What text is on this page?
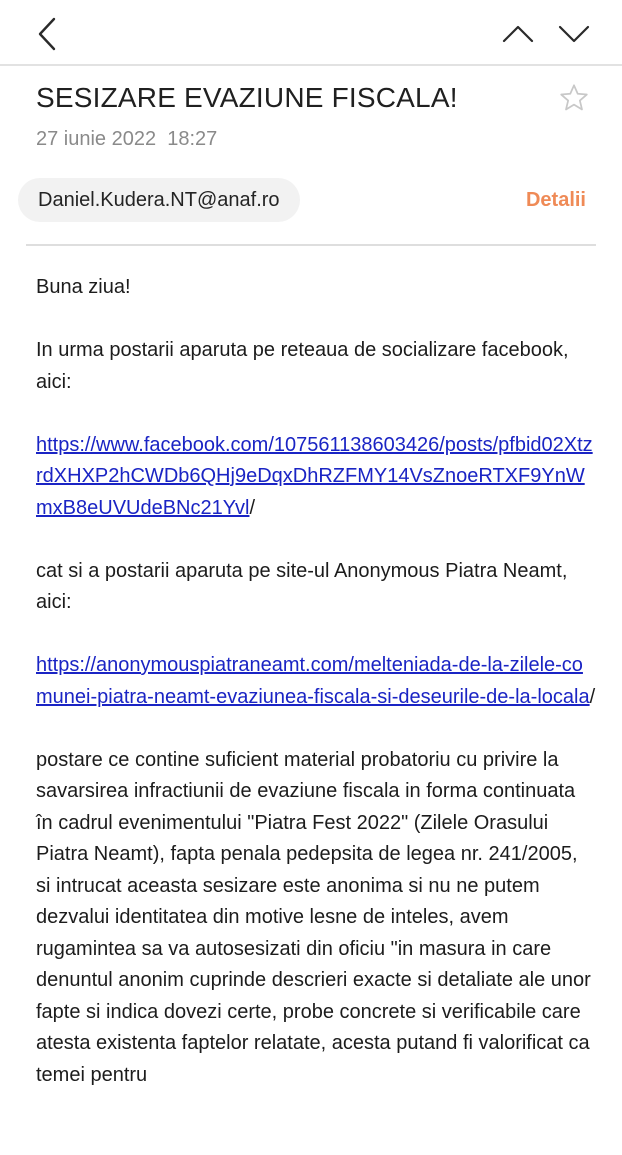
SESIZARE EVAZIUNE FISCALA!
27 iunie 2022  18:27
Daniel.Kudera.NT@anaf.ro	Detalii

Buna ziua!

In urma postarii aparuta pe reteaua de socializare facebook, aici:

https://www.facebook.com/107561138603426/posts/pfbid02XtzrdXHXP2hCWDb6QHj9eDqxDhRZFMY14VsZnoeRTXF9YnWmxB8eUVUdeBNc21Yvl/

cat si a postarii aparuta pe site-ul Anonymous Piatra Neamt, aici:

https://anonymouspiatraneamt.com/melteniada-de-la-zilele-comunei-piatra-neamt-evaziunea-fiscala-si-deseurile-de-la-locala/

postare ce contine suficient material probatoriu cu privire la savarsirea infractiunii de evaziune fiscala in forma continuata în cadrul evenimentului "Piatra Fest 2022" (Zilele Orasului Piatra Neamt), fapta penala pedepsita de legea nr. 241/2005, si intrucat aceasta sesizare este anonima si nu ne putem dezvalui identitatea din motive lesne de inteles, avem rugamintea sa va autosesizati din oficiu "in masura in care denuntul anonim cuprinde descrieri exacte si detaliate ale unor fapte si indica dovezi certe, probe concrete si verificabile care atesta existenta faptelor relatate, acesta putand fi valorificat ca temei pentru
